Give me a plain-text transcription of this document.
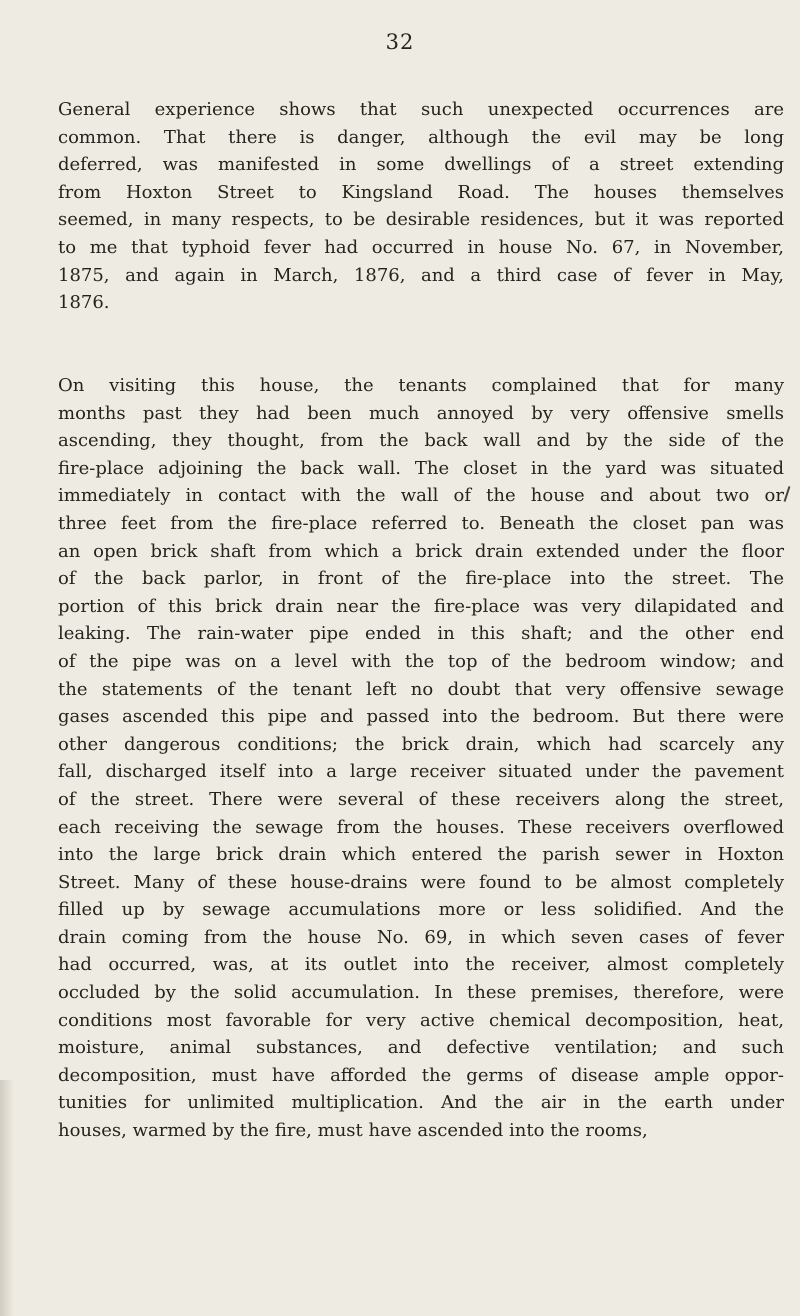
32

General experience shows that such unexpected occurrences are
common. That there is danger, although the evil may be long
deferred, was manifested in some dwellings of a street extending
from Hoxton Street to Kingsland Road. The houses themselves
seemed, in many respects, to be desirable residences, but it was reported
to me that typhoid fever had occurred in house No. 67, in November,
1875, and again in March, 1876, and a third case of fever in May,
1876.

On visiting this house, the tenants complained that for many
months past they had been much annoyed by very offensive smells
ascending, they thought, from the back wall and by the side of the
fire-place adjoining the back wall. The closet in the yard was situated
immediately in contact with the wall of the house and about two or
three feet from the fire-place referred to. Beneath the closet pan was
an open brick shaft from which a brick drain extended under the floor
of the back parlor, in front of the fire-place into the street. The
portion of this brick drain near the fire-place was very dilapidated and
leaking. The rain-water pipe ended in this shaft; and the other end
of the pipe was on a level with the top of the bedroom window; and
the statements of the tenant left no doubt that very offensive sewage
gases ascended this pipe and passed into the bedroom. But there were
other dangerous conditions; the brick drain, which had scarcely any
fall, discharged itself into a large receiver situated under the pavement
of the street. There were several of these receivers along the street,
each receiving the sewage from the houses. These receivers overflowed
into the large brick drain which entered the parish sewer in Hoxton
Street. Many of these house-drains were found to be almost completely
filled up by sewage accumulations more or less solidified. And the
drain coming from the house No. 69, in which seven cases of fever
had occurred, was, at its outlet into the receiver, almost completely
occluded by the solid accumulation. In these premises, therefore, were
conditions most favorable for very active chemical decomposition, heat,
moisture, animal substances, and defective ventilation; and such
decomposition, must have afforded the germs of disease ample oppor-
tunities for unlimited multiplication. And the air in the earth under
houses, warmed by the fire, must have ascended into the rooms,
